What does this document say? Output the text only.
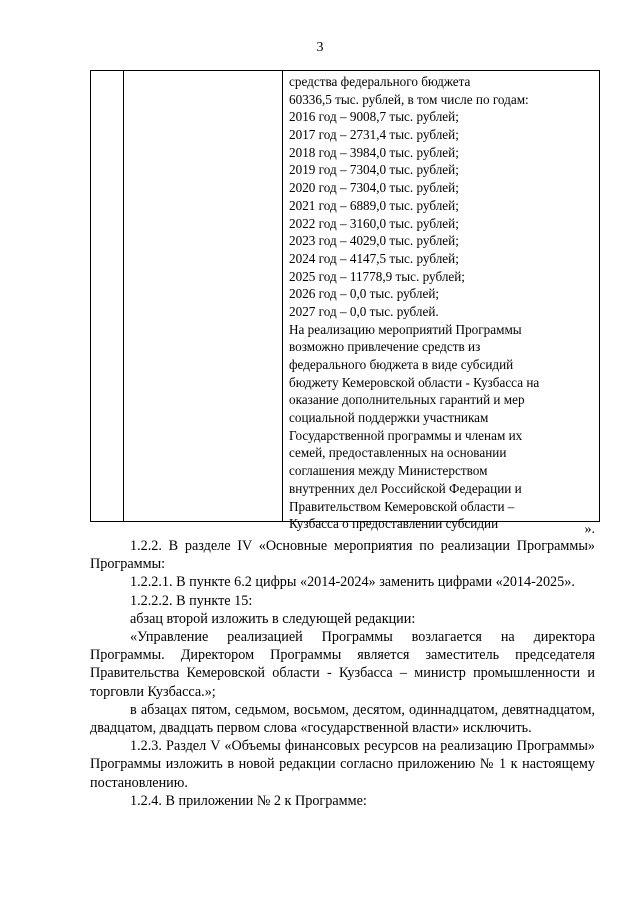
3
средства федерального бюджета
60336,5 тыс. рублей, в том числе по годам:
2016 год – 9008,7 тыс. рублей;
2017 год – 2731,4 тыс. рублей;
2018 год – 3984,0 тыс. рублей;
2019 год – 7304,0 тыс. рублей;
2020 год – 7304,0 тыс. рублей;
2021 год – 6889,0 тыс. рублей;
2022 год – 3160,0 тыс. рублей;
2023 год – 4029,0 тыс. рублей;
2024 год – 4147,5 тыс. рублей;
2025 год – 11778,9 тыс. рублей;
2026 год – 0,0 тыс. рублей;
2027 год – 0,0 тыс. рублей.
На реализацию мероприятий Программы
возможно привлечение средств из
федерального бюджета в виде субсидий
бюджету Кемеровской области - Кузбасса на
оказание дополнительных гарантий и мер
социальной поддержки участникам
Государственной программы и членам их
семей, предоставленных на основании
соглашения между Министерством
внутренних дел Российской Федерации и
Правительством Кемеровской области –
Кузбасса о предоставлении субсидии	».

1.2.2. В разделе IV «Основные мероприятия по реализации Программы» Программы:

1.2.2.1. В пункте 6.2 цифры «2014-2024» заменить цифрами «2014-2025».

1.2.2.2. В пункте 15:

абзац второй изложить в следующей редакции:

«Управление реализацией Программы возлагается на директора Программы. Директором Программы является заместитель председателя Правительства Кемеровской области - Кузбасса – министр промышленности и торговли Кузбасса.»;

в абзацах пятом, седьмом, восьмом, десятом, одиннадцатом, девятнадцатом, двадцатом, двадцать первом слова «государственной власти» исключить.

1.2.3. Раздел V «Объемы финансовых ресурсов на реализацию Программы» Программы изложить в новой редакции согласно приложению № 1 к настоящему постановлению.

1.2.4. В приложении № 2 к Программе:
